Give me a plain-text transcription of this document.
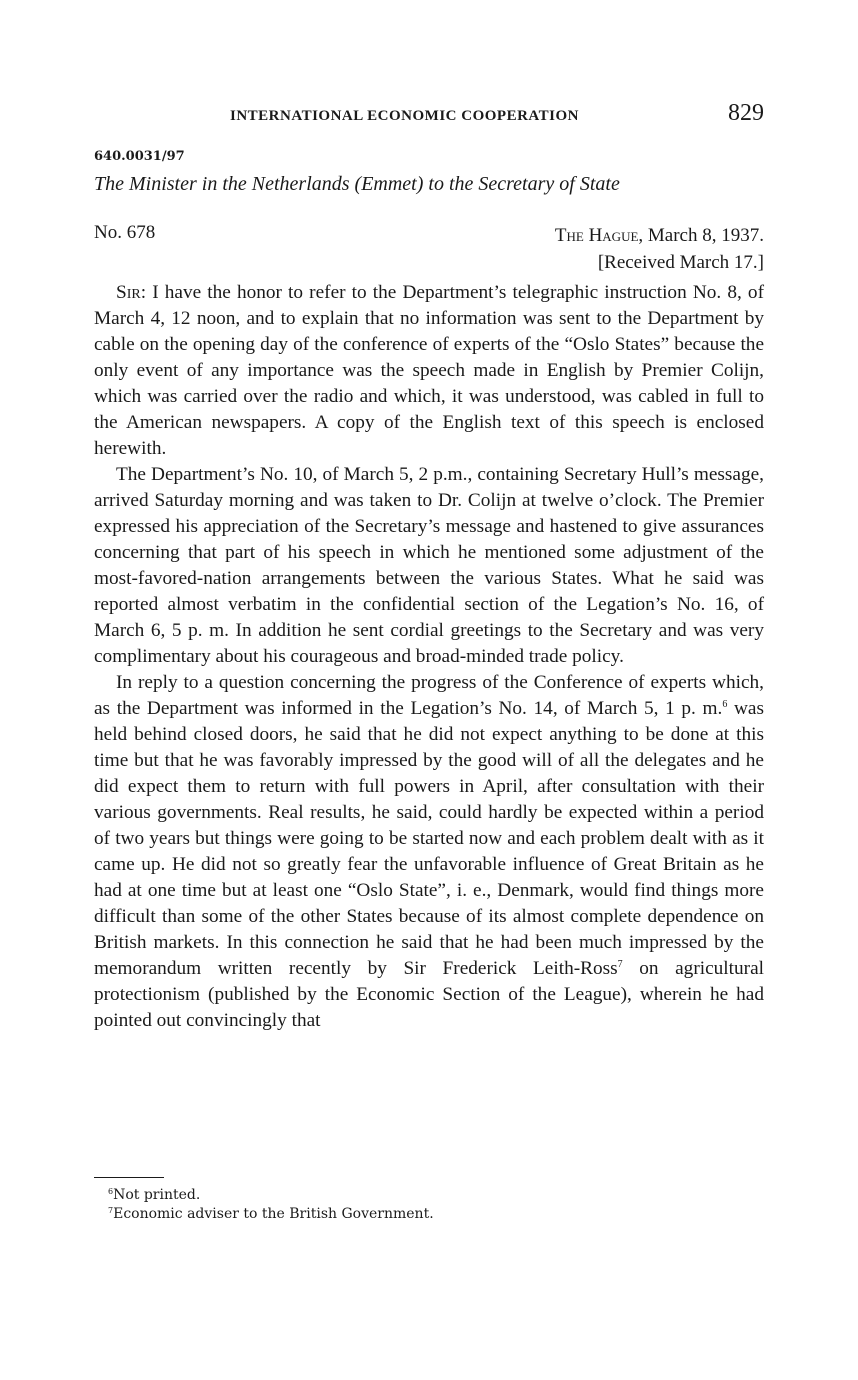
INTERNATIONAL ECONOMIC COOPERATION	829
640.0031/97
The Minister in the Netherlands (Emmet) to the Secretary of State
No. 678	The Hague, March 8, 1937.
[Received March 17.]

Sir: I have the honor to refer to the Department’s telegraphic instruction No. 8, of March 4, 12 noon, and to explain that no information was sent to the Department by cable on the opening day of the conference of experts of the “Oslo States” because the only event of any importance was the speech made in English by Premier Colijn, which was carried over the radio and which, it was understood, was cabled in full to the American newspapers. A copy of the English text of this speech is enclosed herewith.

The Department’s No. 10, of March 5, 2 p.m., containing Secretary Hull’s message, arrived Saturday morning and was taken to Dr. Colijn at twelve o’clock. The Premier expressed his appreciation of the Secretary’s message and hastened to give assurances concerning that part of his speech in which he mentioned some adjustment of the most-favored-nation arrangements between the various States. What he said was reported almost verbatim in the confidential section of the Legation’s No. 16, of March 6, 5 p. m. In addition he sent cordial greetings to the Secretary and was very complimentary about his courageous and broad-minded trade policy.

In reply to a question concerning the progress of the Conference of experts which, as the Department was informed in the Legation’s No. 14, of March 5, 1 p. m.$^6$ was held behind closed doors, he said that he did not expect anything to be done at this time but that he was favorably impressed by the good will of all the delegates and he did expect them to return with full powers in April, after consultation with their various governments. Real results, he said, could hardly be expected within a period of two years but things were going to be started now and each problem dealt with as it came up. He did not so greatly fear the unfavorable influence of Great Britain as he had at one time but at least one “Oslo State”, i. e., Denmark, would find things more difficult than some of the other States because of its almost complete dependence on British markets. In this connection he said that he had been much impressed by the memorandum written recently by Sir Frederick Leith-Ross$^7$ on agricultural protectionism (published by the Economic Section of the League), wherein he had pointed out convincingly that

$^6$Not printed.
$^7$Economic adviser to the British Government.
